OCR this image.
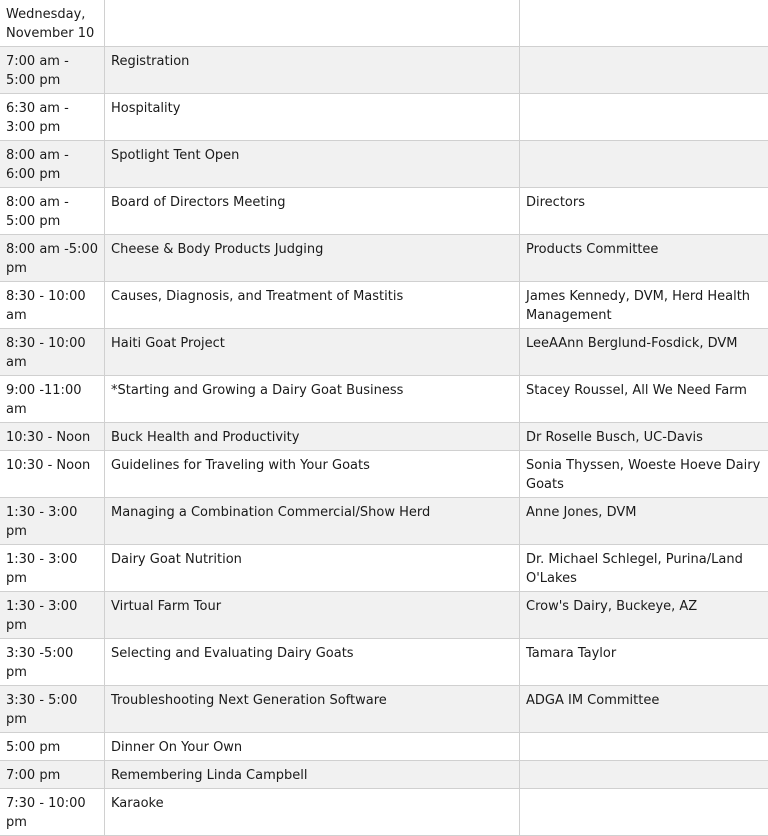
Wednesday, November 10		
7:00 am - 5:00 pm	Registration	
6:30 am - 3:00 pm	Hospitality	
8:00 am - 6:00 pm	Spotlight Tent Open	
8:00 am - 5:00 pm	Board of Directors Meeting	Directors
8:00 am -5:00 pm	Cheese & Body Products Judging	Products Committee
8:30 - 10:00 am	Causes, Diagnosis, and Treatment of Mastitis	James Kennedy, DVM, Herd Health Management
8:30 - 10:00 am	Haiti Goat Project	LeeAAnn Berglund-Fosdick, DVM
9:00 -11:00 am	*Starting and Growing a Dairy Goat Business	Stacey Roussel, All We Need Farm
10:30 - Noon	Buck Health and Productivity	Dr Roselle Busch, UC-Davis
10:30 - Noon	Guidelines for Traveling with Your Goats	Sonia Thyssen, Woeste Hoeve Dairy Goats
1:30 - 3:00 pm	Managing a Combination Commercial/Show Herd	Anne Jones, DVM
1:30 - 3:00 pm	Dairy Goat Nutrition	Dr. Michael Schlegel, Purina/Land O'Lakes
1:30 - 3:00 pm	Virtual Farm Tour	Crow's Dairy, Buckeye, AZ
3:30 -5:00 pm	Selecting and Evaluating Dairy Goats	Tamara Taylor
3:30 - 5:00 pm	Troubleshooting Next Generation Software	ADGA IM Committee
5:00 pm	Dinner On Your Own	
7:00 pm	Remembering Linda Campbell	
7:30 - 10:00 pm	Karaoke	
